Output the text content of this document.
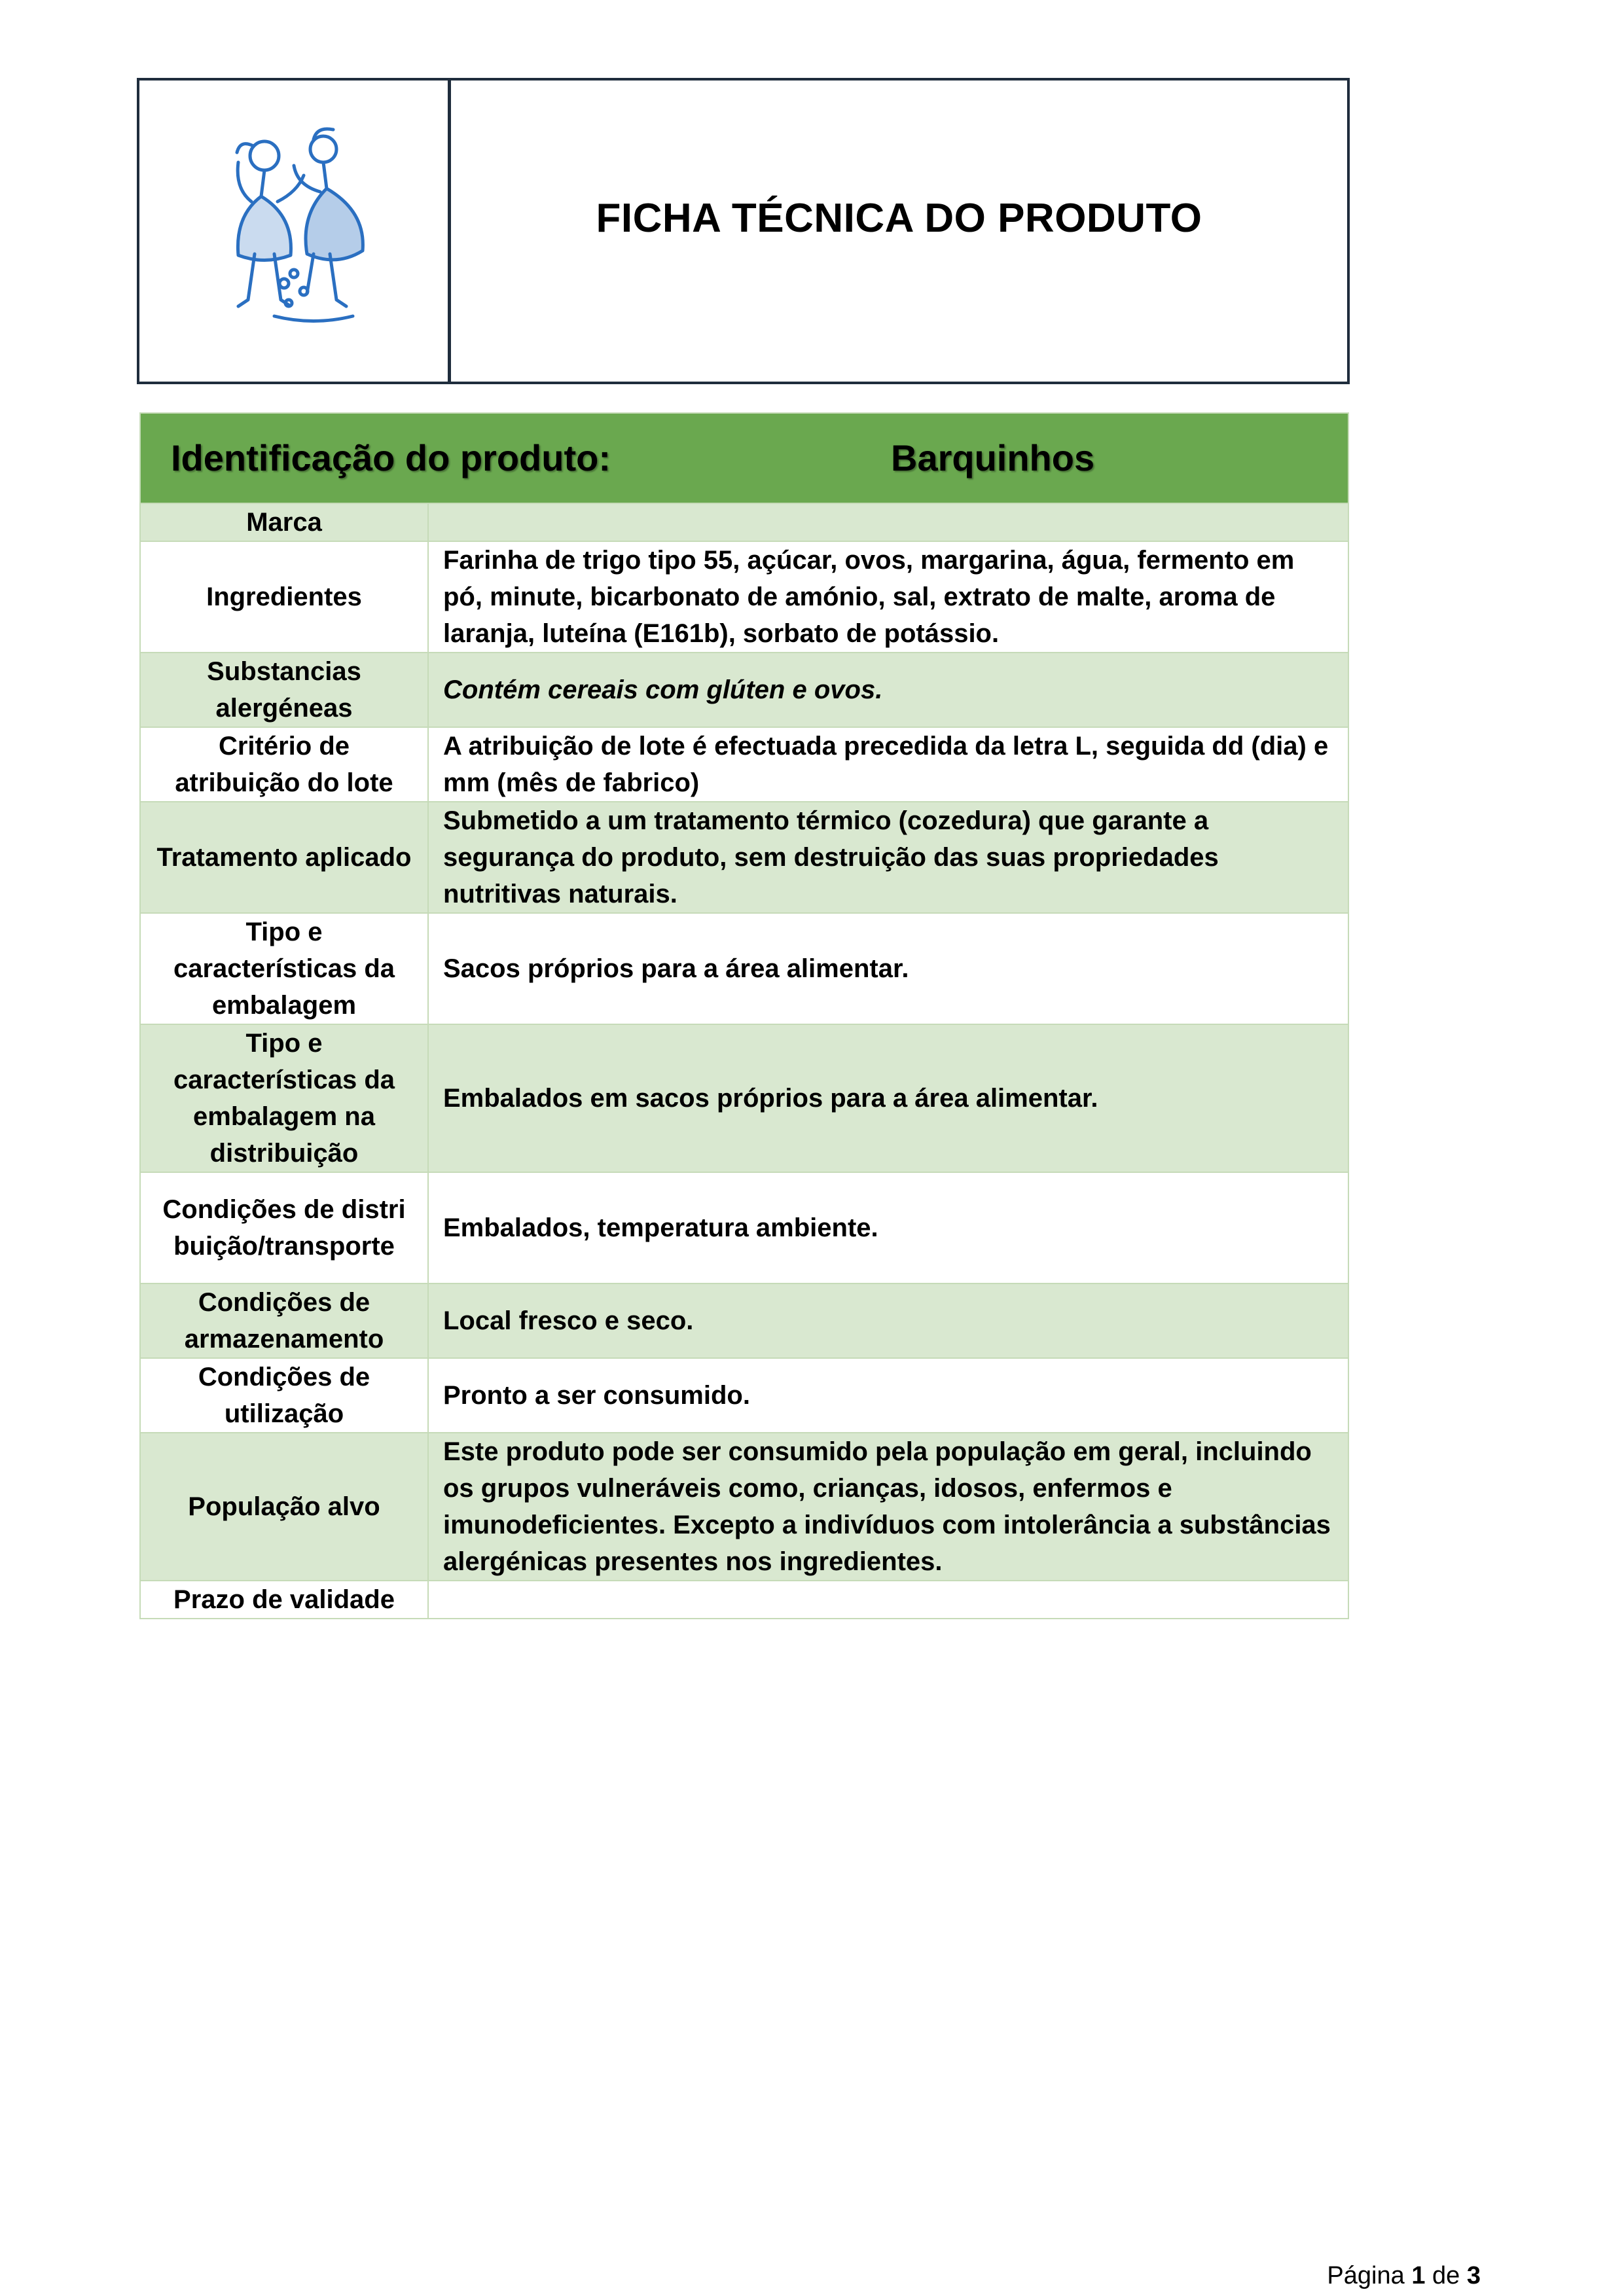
FICHA TÉCNICA DO PRODUTO
Identificação do produto: Barquinhos	

Marca	
Ingredientes	Farinha de trigo tipo 55, açúcar, ovos, margarina, água, fermento em pó, minute, bicarbonato de amónio, sal, extrato de malte, aroma de laranja, luteína (E161b), sorbato de potássio.
Substancias alergéneas	Contém cereais com glúten e ovos.
Critério de atribuição do lote	A atribuição de lote é efectuada precedida da letra L, seguida dd (dia) e mm (mês de fabrico)
Tratamento aplicado	Submetido a um tratamento térmico (cozedura) que garante a segurança do produto, sem destruição das suas propriedades nutritivas naturais.
Tipo e características da embalagem	Sacos próprios para a área alimentar.
Tipo e características da embalagem na distribuição	Embalados em sacos próprios para a área alimentar.
Condições de distribuição/transporte	Embalados, temperatura ambiente.
Condições de armazenamento	Local fresco e seco.
Condições de utilização	Pronto a ser consumido.
População alvo	Este produto pode ser consumido pela população em geral, incluindo os grupos vulneráveis como, crianças, idosos, enfermos e imunodeficientes. Excepto a indivíduos com intolerância a substâncias alergénicas presentes nos ingredientes.
Prazo de validade	
Página 1 de 3
